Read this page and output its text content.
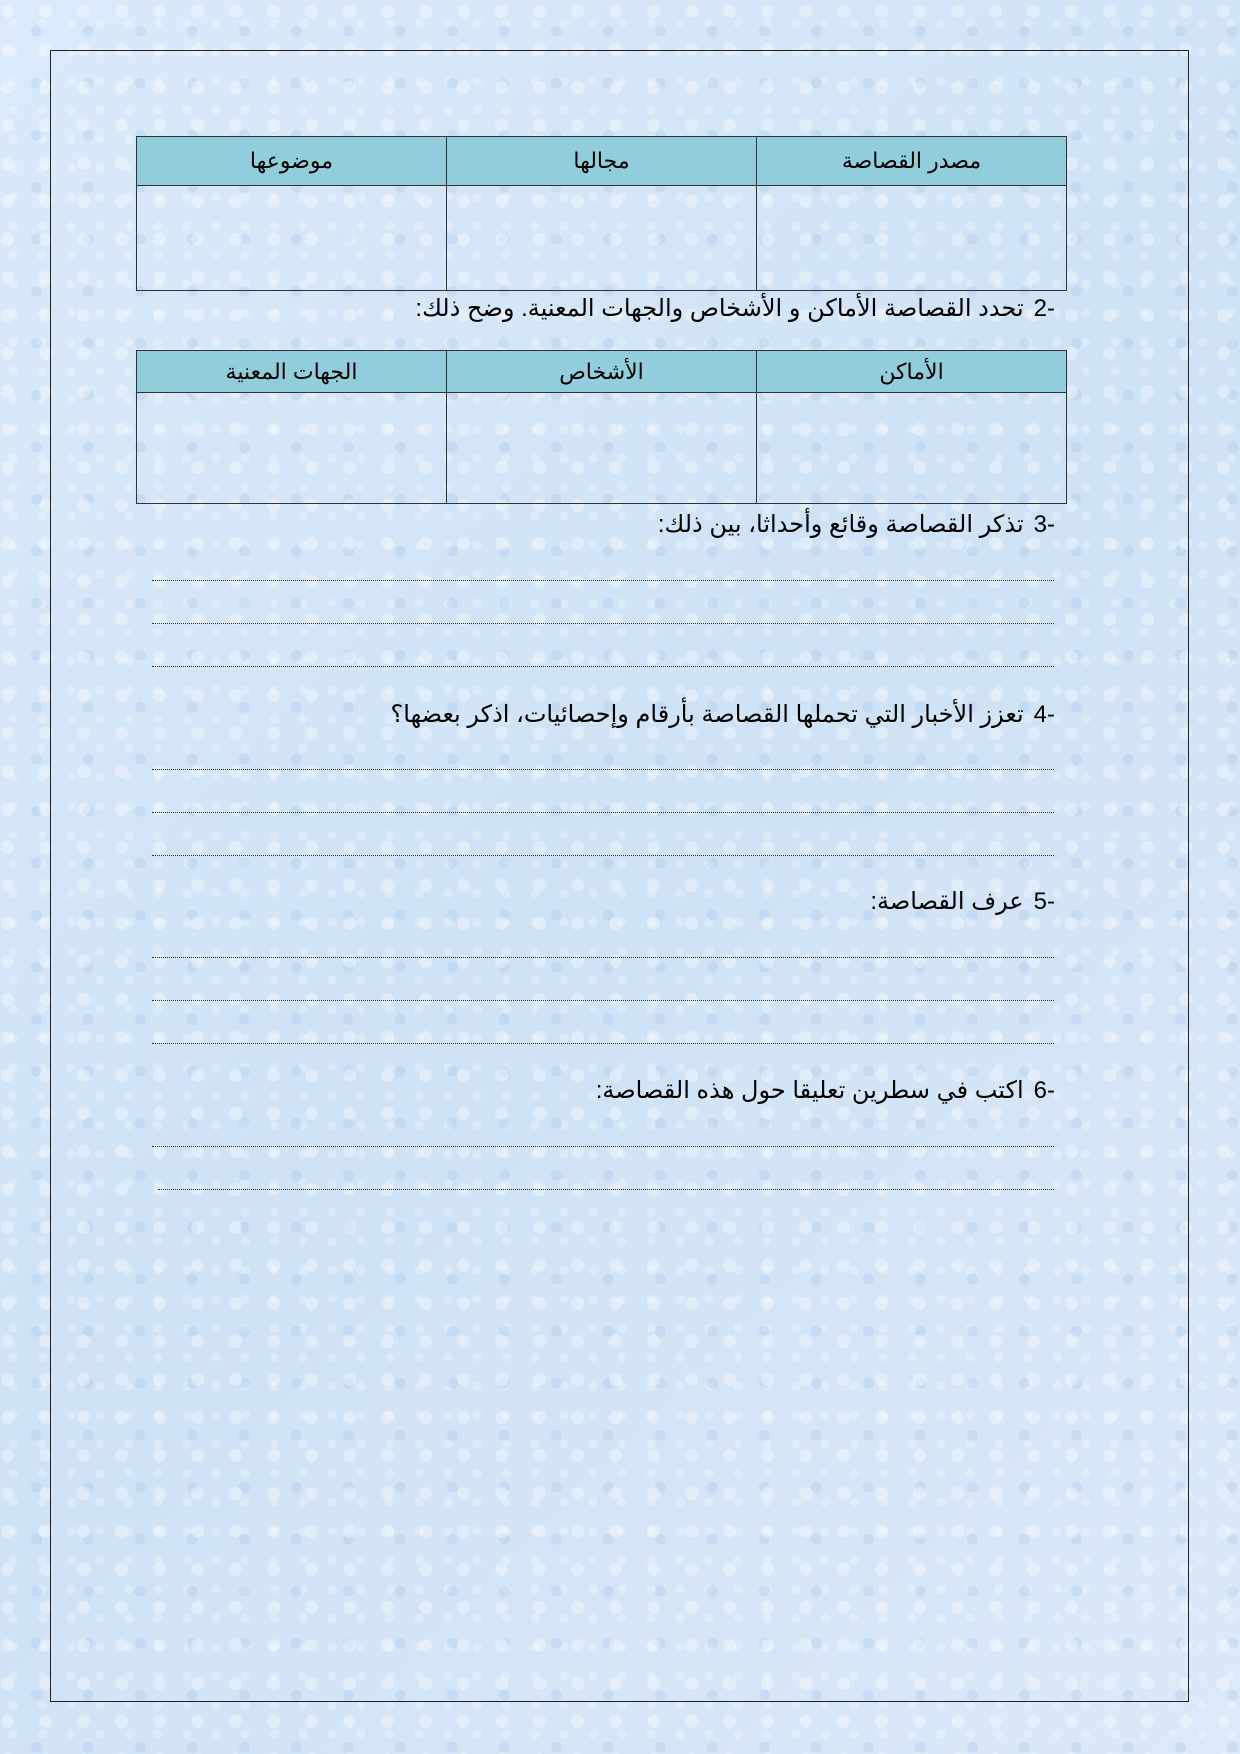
مصدر القصاصة	مجالها	موضوعها

-2تحدد القصاصة الأماكن و الأشخاص والجهات المعنية. وضح ذلك:
الأماكن	الأشخاص	الجهات المعنية

-3تذكر القصاصة وقائع وأحداثا، بين ذلك:
-4تعزز الأخبار التي تحملها القصاصة بأرقام وإحصائيات، اذكر بعضها؟
-5عرف القصاصة:
-6اكتب في سطرين تعليقا حول هذه القصاصة:
